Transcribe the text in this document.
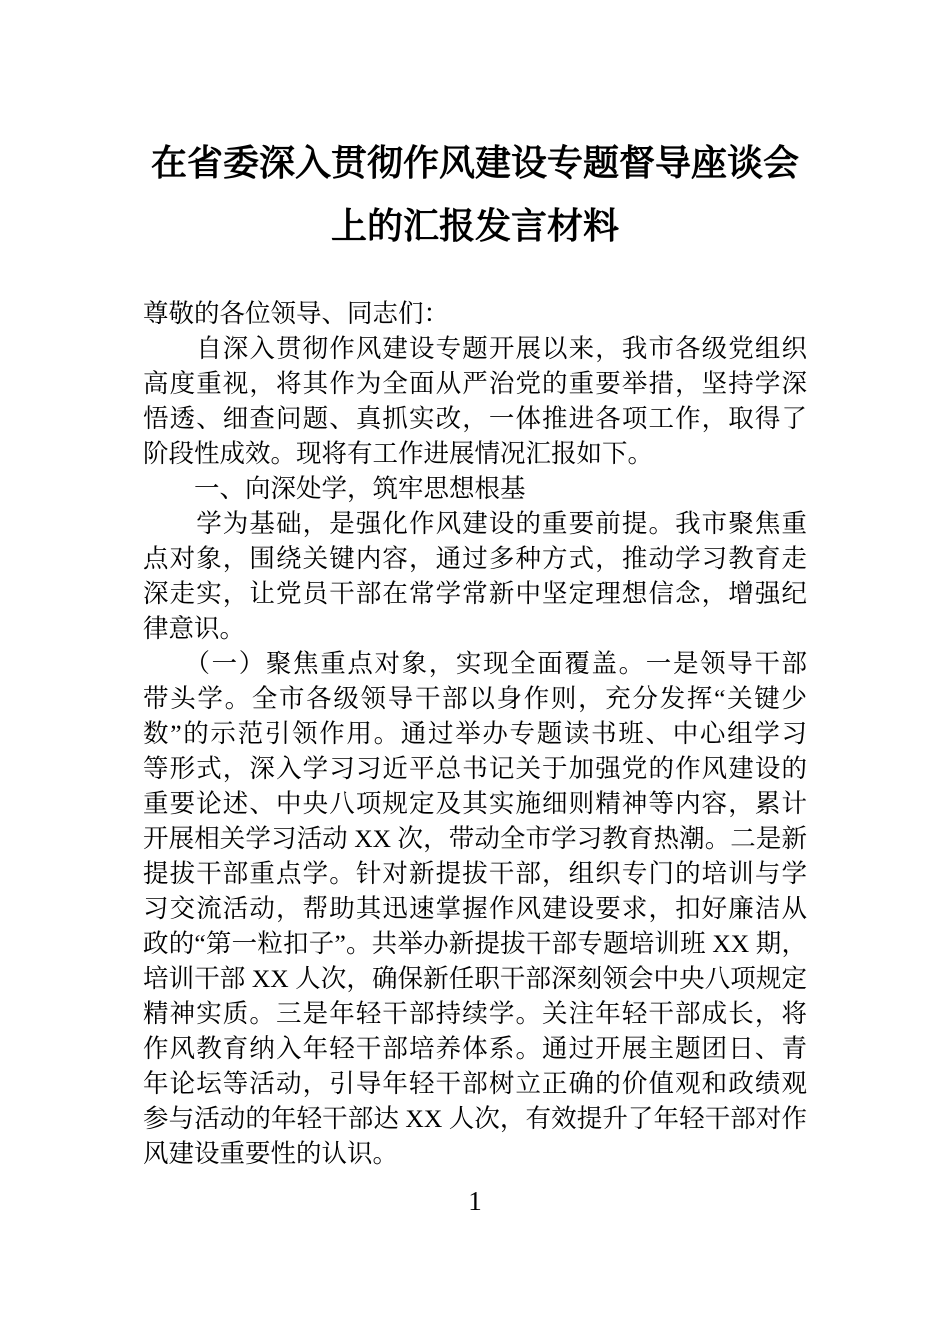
在省委深入贯彻作风建设专题督导座谈会
上的汇报发言材料
尊敬的各位领导、同志们：
　　自深入贯彻作风建设专题开展以来，我市各级党组织
高度重视，将其作为全面从严治党的重要举措，坚持学深
悟透、细查问题、真抓实改，一体推进各项工作，取得了
阶段性成效。现将有工作进展情况汇报如下。
　　一、向深处学，筑牢思想根基
　　学为基础，是强化作风建设的重要前提。我市聚焦重
点对象，围绕关键内容，通过多种方式，推动学习教育走
深走实，让党员干部在常学常新中坚定理想信念，增强纪
律意识。
　　（一）聚焦重点对象，实现全面覆盖。一是领导干部
带头学。全市各级领导干部以身作则，充分发挥“关键少
数”的示范引领作用。通过举办专题读书班、中心组学习
等形式，深入学习习近平总书记关于加强党的作风建设的
重要论述、中央八项规定及其实施细则精神等内容，累计
开展相关学习活动 XX 次，带动全市学习教育热潮。二是新
提拔干部重点学。针对新提拔干部，组织专门的培训与学
习交流活动，帮助其迅速掌握作风建设要求，扣好廉洁从
政的“第一粒扣子”。共举办新提拔干部专题培训班 XX 期，
培训干部 XX 人次，确保新任职干部深刻领会中央八项规定
精神实质。三是年轻干部持续学。关注年轻干部成长，将
作风教育纳入年轻干部培养体系。通过开展主题团日、青
年论坛等活动，引导年轻干部树立正确的价值观和政绩观
参与活动的年轻干部达 XX 人次，有效提升了年轻干部对作
风建设重要性的认识。
1
